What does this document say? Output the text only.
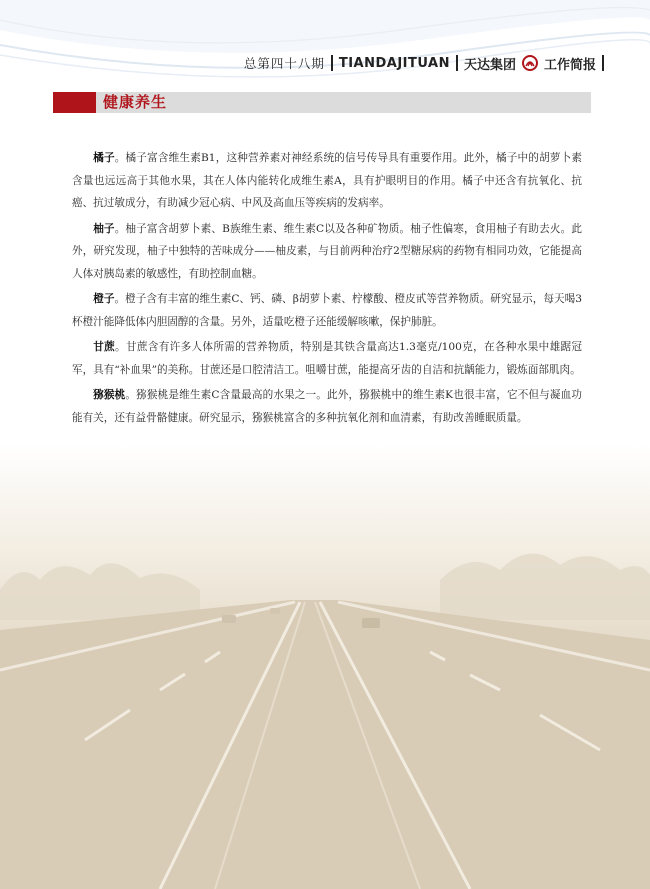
总第四十八期 TIANDAJITUAN 天达集团 工作简报
健康养生

橘子。橘子富含维生素B1，这种营养素对神经系统的信号传导具有重要作用。此外，橘子中的胡萝卜素含量也远远高于其他水果，其在人体内能转化成维生素A，具有护眼明目的作用。橘子中还含有抗氧化、抗癌、抗过敏成分，有助减少冠心病、中风及高血压等疾病的发病率。

柚子。柚子富含胡萝卜素、B族维生素、维生素C以及各种矿物质。柚子性偏寒，食用柚子有助去火。此外，研究发现，柚子中独特的苦味成分——柚皮素，与目前两种治疗2型糖尿病的药物有相同功效，它能提高人体对胰岛素的敏感性，有助控制血糖。

橙子。橙子含有丰富的维生素C、钙、磷、β胡萝卜素、柠檬酸、橙皮甙等营养物质。研究显示，每天喝3杯橙汁能降低体内胆固醇的含量。另外，适量吃橙子还能缓解咳嗽，保护肺脏。

甘蔗。甘蔗含有许多人体所需的营养物质，特别是其铁含量高达1.3毫克/100克，在各种水果中雄踞冠军，具有“补血果”的美称。甘蔗还是口腔清洁工。咀嚼甘蔗，能提高牙齿的自洁和抗龋能力，锻炼面部肌肉。

猕猴桃。猕猴桃是维生素C含量最高的水果之一。此外，猕猴桃中的维生素K也很丰富，它不但与凝血功能有关，还有益骨骼健康。研究显示，猕猴桃富含的多种抗氧化剂和血清素，有助改善睡眠质量。
